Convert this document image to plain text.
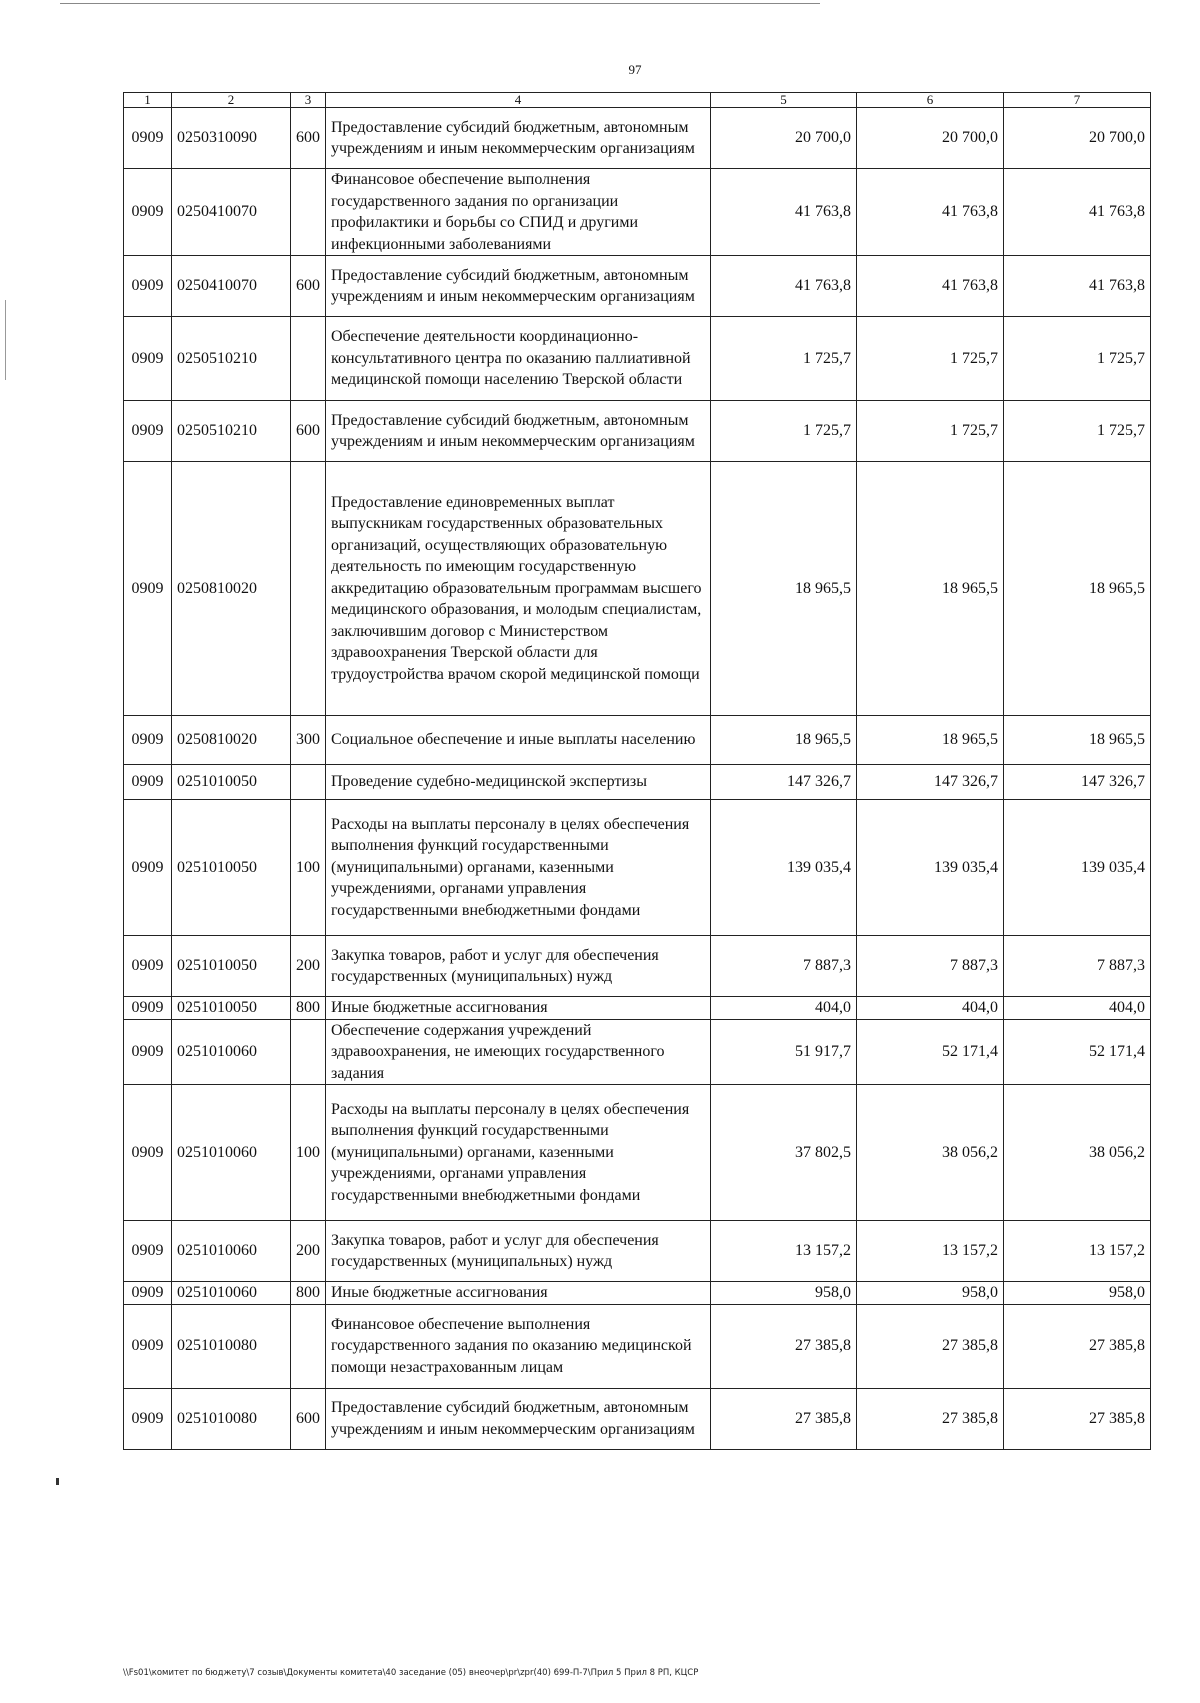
97
1	2	3	4	5	6	7
0909	0250310090	600	Предоставление субсидий бюджетным, автономным учреждениям и иным некоммерческим организациям	20 700,0	20 700,0	20 700,0
0909	0250410070		Финансовое обеспечение выполнения государственного задания по организации профилактики и борьбы со СПИД и другими инфекционными заболеваниями	41 763,8	41 763,8	41 763,8
0909	0250410070	600	Предоставление субсидий бюджетным, автономным учреждениям и иным некоммерческим организациям	41 763,8	41 763,8	41 763,8
0909	0250510210		Обеспечение деятельности координационно-консультативного центра по оказанию паллиативной медицинской помощи населению Тверской области	1 725,7	1 725,7	1 725,7
0909	0250510210	600	Предоставление субсидий бюджетным, автономным учреждениям и иным некоммерческим организациям	1 725,7	1 725,7	1 725,7
0909	0250810020		Предоставление единовременных выплат выпускникам государственных образовательных организаций, осуществляющих образовательную деятельность по имеющим государственную аккредитацию образовательным программам высшего медицинского образования, и молодым специалистам, заключившим договор с Министерством здравоохранения Тверской области для трудоустройства врачом скорой медицинской помощи	18 965,5	18 965,5	18 965,5
0909	0250810020	300	Социальное обеспечение и иные выплаты населению	18 965,5	18 965,5	18 965,5
0909	0251010050		Проведение судебно-медицинской экспертизы	147 326,7	147 326,7	147 326,7
0909	0251010050	100	Расходы на выплаты персоналу в целях обеспечения выполнения функций государственными (муниципальными) органами, казенными учреждениями, органами управления государственными внебюджетными фондами	139 035,4	139 035,4	139 035,4
0909	0251010050	200	Закупка товаров, работ и услуг для обеспечения государственных (муниципальных) нужд	7 887,3	7 887,3	7 887,3
0909	0251010050	800	Иные бюджетные ассигнования	404,0	404,0	404,0
0909	0251010060		Обеспечение содержания учреждений здравоохранения, не имеющих государственного задания	51 917,7	52 171,4	52 171,4
0909	0251010060	100	Расходы на выплаты персоналу в целях обеспечения выполнения функций государственными (муниципальными) органами, казенными учреждениями, органами управления государственными внебюджетными фондами	37 802,5	38 056,2	38 056,2
0909	0251010060	200	Закупка товаров, работ и услуг для обеспечения государственных (муниципальных) нужд	13 157,2	13 157,2	13 157,2
0909	0251010060	800	Иные бюджетные ассигнования	958,0	958,0	958,0
0909	0251010080		Финансовое обеспечение выполнения государственного задания по оказанию медицинской помощи незастрахованным лицам	27 385,8	27 385,8	27 385,8
0909	0251010080	600	Предоставление субсидий бюджетным, автономным учреждениям и иным некоммерческим организациям	27 385,8	27 385,8	27 385,8
\\Fs01\комитет по бюджету\7 созыв\Документы комитета\40 заседание (05) внеочер\pr\zpr(40) 699-П-7\Прил 5 Прил 8 РП, КЦСР
